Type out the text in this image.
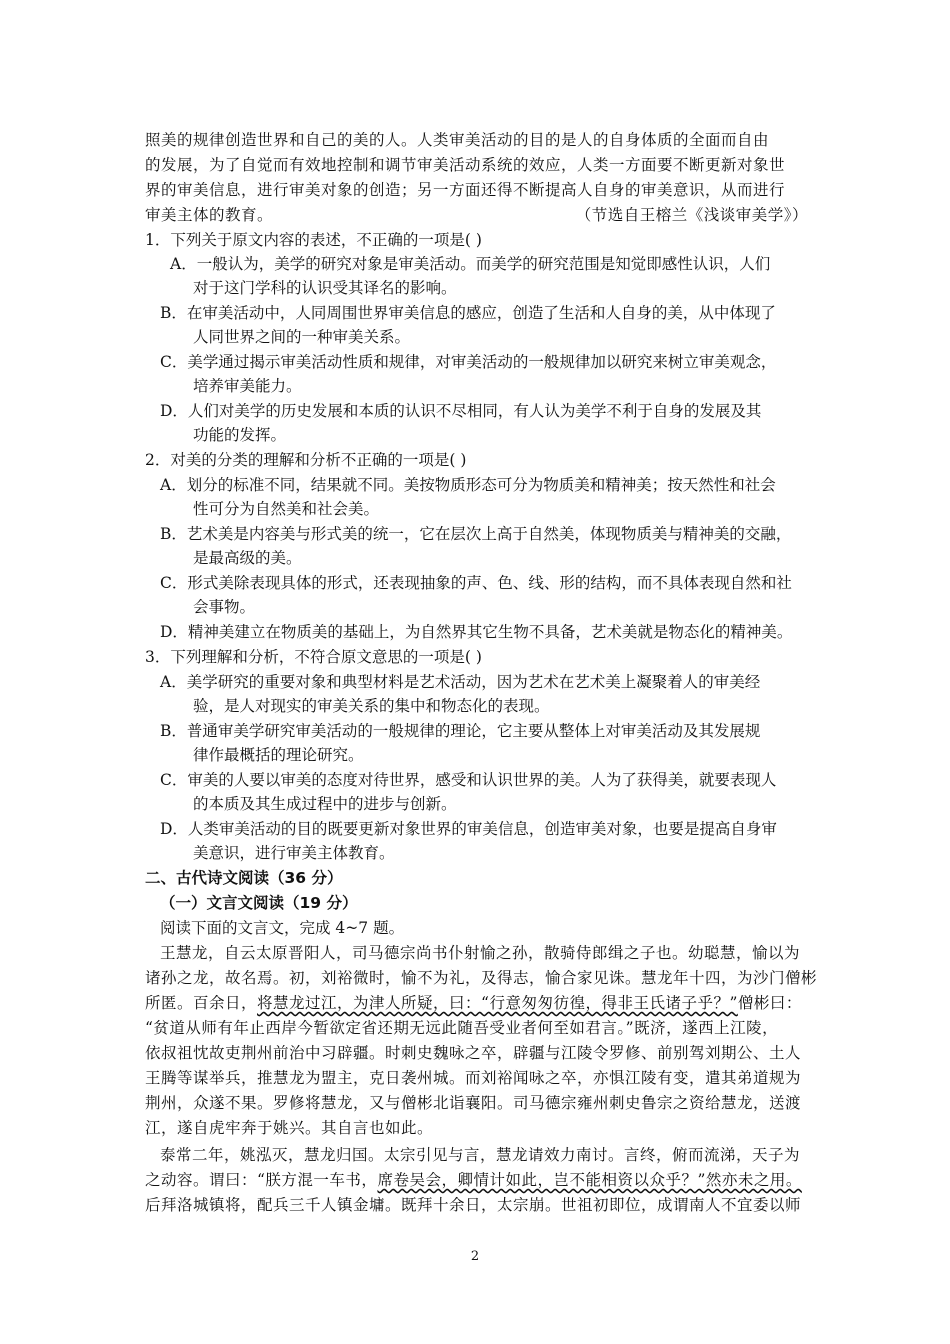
照美的规律创造世界和自己的美的人。人类审美活动的目的是人的自身体质的全面而自由
的发展，为了自觉而有效地控制和调节审美活动系统的效应，人类一方面要不断更新对象世
界的审美信息，进行审美对象的创造；另一方面还得不断提高人自身的审美意识，从而进行
审美主体的教育。	（节选自王榕兰《浅谈审美学》）
1．下列关于原文内容的表述，不正确的一项是( )
A．一般认为，美学的研究对象是审美活动。而美学的研究范围是知觉即感性认识，人们
对于这门学科的认识受其译名的影响。
B．在审美活动中，人同周围世界审美信息的感应，创造了生活和人自身的美，从中体现了
人同世界之间的一种审美关系。
C．美学通过揭示审美活动性质和规律，对审美活动的一般规律加以研究来树立审美观念，
培养审美能力。
D．人们对美学的历史发展和本质的认识不尽相同，有人认为美学不利于自身的发展及其
功能的发挥。
2．对美的分类的理解和分析不正确的一项是( )
A．划分的标准不同，结果就不同。美按物质形态可分为物质美和精神美；按天然性和社会
性可分为自然美和社会美。
B．艺术美是内容美与形式美的统一，它在层次上高于自然美，体现物质美与精神美的交融，
是最高级的美。
C．形式美除表现具体的形式，还表现抽象的声、色、线、形的结构，而不具体表现自然和社
会事物。
D．精神美建立在物质美的基础上，为自然界其它生物不具备，艺术美就是物态化的精神美。
3．下列理解和分析，不符合原文意思的一项是( )
A．美学研究的重要对象和典型材料是艺术活动，因为艺术在艺术美上凝聚着人的审美经
验，是人对现实的审美关系的集中和物态化的表现。
B．普通审美学研究审美活动的一般规律的理论，它主要从整体上对审美活动及其发展规
律作最概括的理论研究。
C．审美的人要以审美的态度对待世界，感受和认识世界的美。人为了获得美，就要表现人
的本质及其生成过程中的进步与创新。
D．人类审美活动的目的既要更新对象世界的审美信息，创造审美对象，也要是提高自身审
美意识，进行审美主体教育。
二、古代诗文阅读（36 分）
（一）文言文阅读（19 分）
阅读下面的文言文，完成 4~7 题。
王慧龙，自云太原晋阳人，司马德宗尚书仆射愉之孙，散骑侍郎缉之子也。幼聪慧，愉以为
诸孙之龙，故名焉。初，刘裕微时，愉不为礼，及得志，愉合家见诛。慧龙年十四，为沙门僧彬
所匿。百余日，将慧龙过江，为津人所疑，曰：“行意匆匆彷徨，得非王氏诸子乎？”僧彬曰：
“贫道从师有年止西岸今暂欲定省还期无远此随吾受业者何至如君言。”既济，遂西上江陵，
依叔祖忱故吏荆州前治中习辟疆。时刺史魏咏之卒，辟疆与江陵令罗修、前别驾刘期公、土人
王腾等谋举兵，推慧龙为盟主，克日袭州城。而刘裕闻咏之卒，亦惧江陵有变，遣其弟道规为
荆州，众遂不果。罗修将慧龙，又与僧彬北诣襄阳。司马德宗雍州刺史鲁宗之资给慧龙，送渡
江，遂自虎牢奔于姚兴。其自言也如此。
泰常二年，姚泓灭，慧龙归国。太宗引见与言，慧龙请效力南讨。言终，俯而流涕，天子为
之动容。谓曰：“朕方混一车书，席卷吴会，卿情计如此，岂不能相资以众乎？”然亦未之用。
后拜洛城镇将，配兵三千人镇金墉。既拜十余日，太宗崩。世祖初即位，成谓南人不宜委以师
2
